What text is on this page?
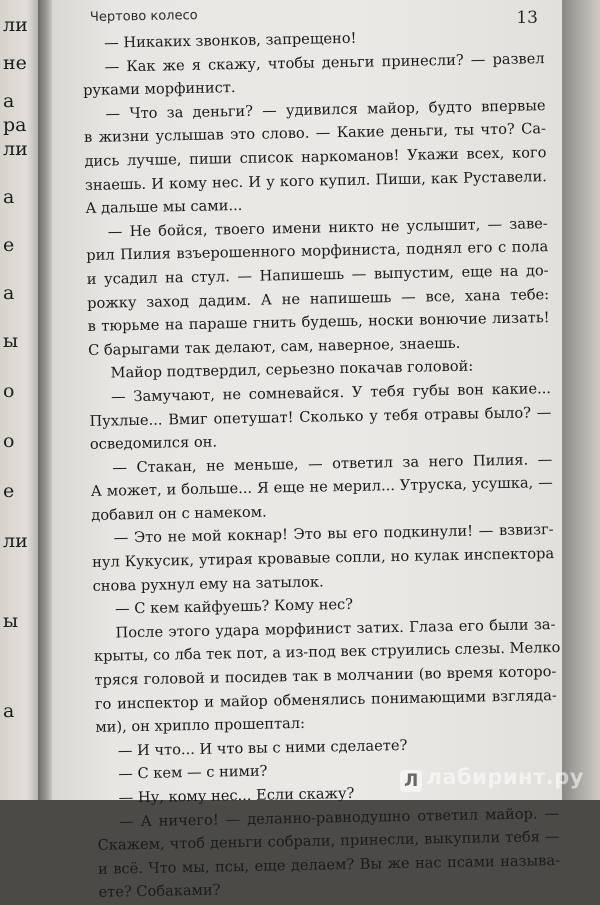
ли
не
а
ра
ли
а
е
а
ы
о
о
е
ли
ы
а
Чертово колесо	13
— Никаких звонков, запрещено!
— Как же я скажу, чтобы деньги принесли? — развел
руками морфинист.
— Что за деньги? — удивился майор, будто впервые
в жизни услышав это слово. — Какие деньги, ты что? Са-
дись лучше, пиши список наркоманов! Укажи всех, кого
знаешь. И кому нес. И у кого купил. Пиши, как Руставели.
А дальше мы сами...
— Не бойся, твоего имени никто не услышит, — заве-
рил Пилия взъерошенного морфиниста, поднял его с пола
и усадил на стул. — Напишешь — выпустим, еще на до-
рожку заход дадим. А не напишешь — все, хана тебе:
в тюрьме на параше гнить будешь, носки вонючие лизать!
С барыгами так делают, сам, наверное, знаешь.
Майор подтвердил, серьезно покачав головой:
— Замучают, не сомневайся. У тебя губы вон какие...
Пухлые... Вмиг опетушат! Сколько у тебя отравы было? —
осведомился он.
— Стакан, не меньше, — ответил за него Пилия. —
А может, и больше... Я еще не мерил... Утруска, усушка, —
добавил он с намеком.
— Это не мой кокнар! Это вы его подкинули! — взвизг-
нул Кукусик, утирая кровавые сопли, но кулак инспектора
снова рухнул ему на затылок.
— С кем кайфуешь? Кому нес?
После этого удара морфинист затих. Глаза его были за-
крыты, со лба тек пот, а из-под век струились слезы. Мелко
тряся головой и посидев так в молчании (во время которо-
го инспектор и майор обменялись понимающими взгляда-
ми), он хрипло прошептал:
— И что... И что вы с ними сделаете?
— С кем — с ними?
— Ну, кому нес... Если скажу?
— А ничего! — деланно-равнодушно ответил майор. —
Скажем, чтоб деньги собрали, принесли, выкупили тебя —
и всё. Что мы, псы, еще делаем? Вы же нас псами называ-
ете? Собаками?
Л лабиринт.ру
